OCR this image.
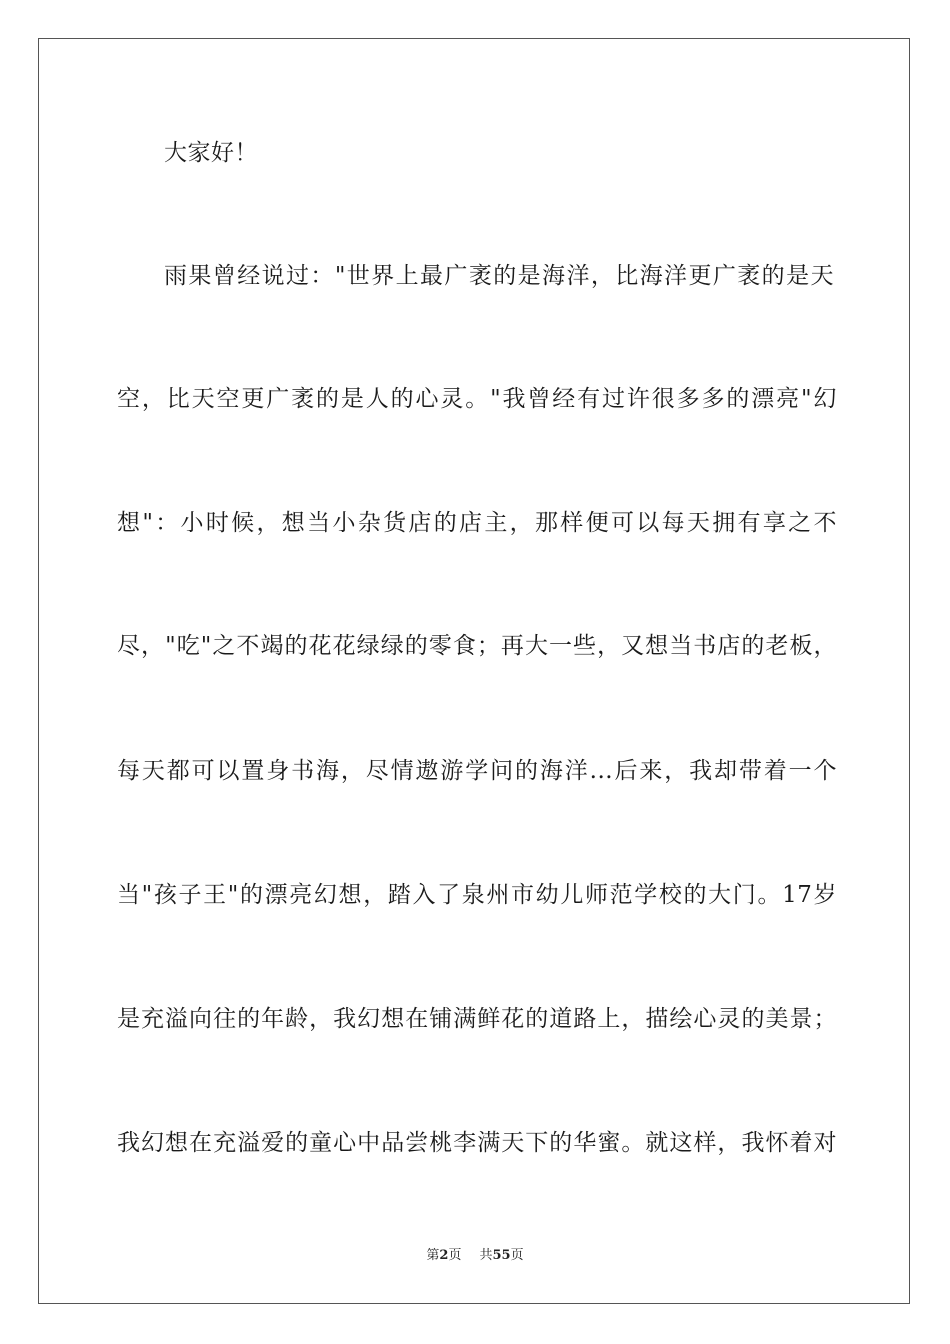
大家好！
雨果曾经说过："世界上最广袤的是海洋，比海洋更广袤的是天
空，比天空更广袤的是人的心灵。"我曾经有过许很多多的漂亮"幻
想"：小时候，想当小杂货店的店主，那样便可以每天拥有享之不
尽，"吃"之不竭的花花绿绿的零食；再大一些，又想当书店的老板，
每天都可以置身书海，尽情遨游学问的海洋...后来，我却带着一个
当"孩子王"的漂亮幻想，踏入了泉州市幼儿师范学校的大门。17岁
是充溢向往的年龄，我幻想在铺满鲜花的道路上，描绘心灵的美景；
我幻想在充溢爱的童心中品尝桃李满天下的华蜜。就这样，我怀着对
第2页 共55页
